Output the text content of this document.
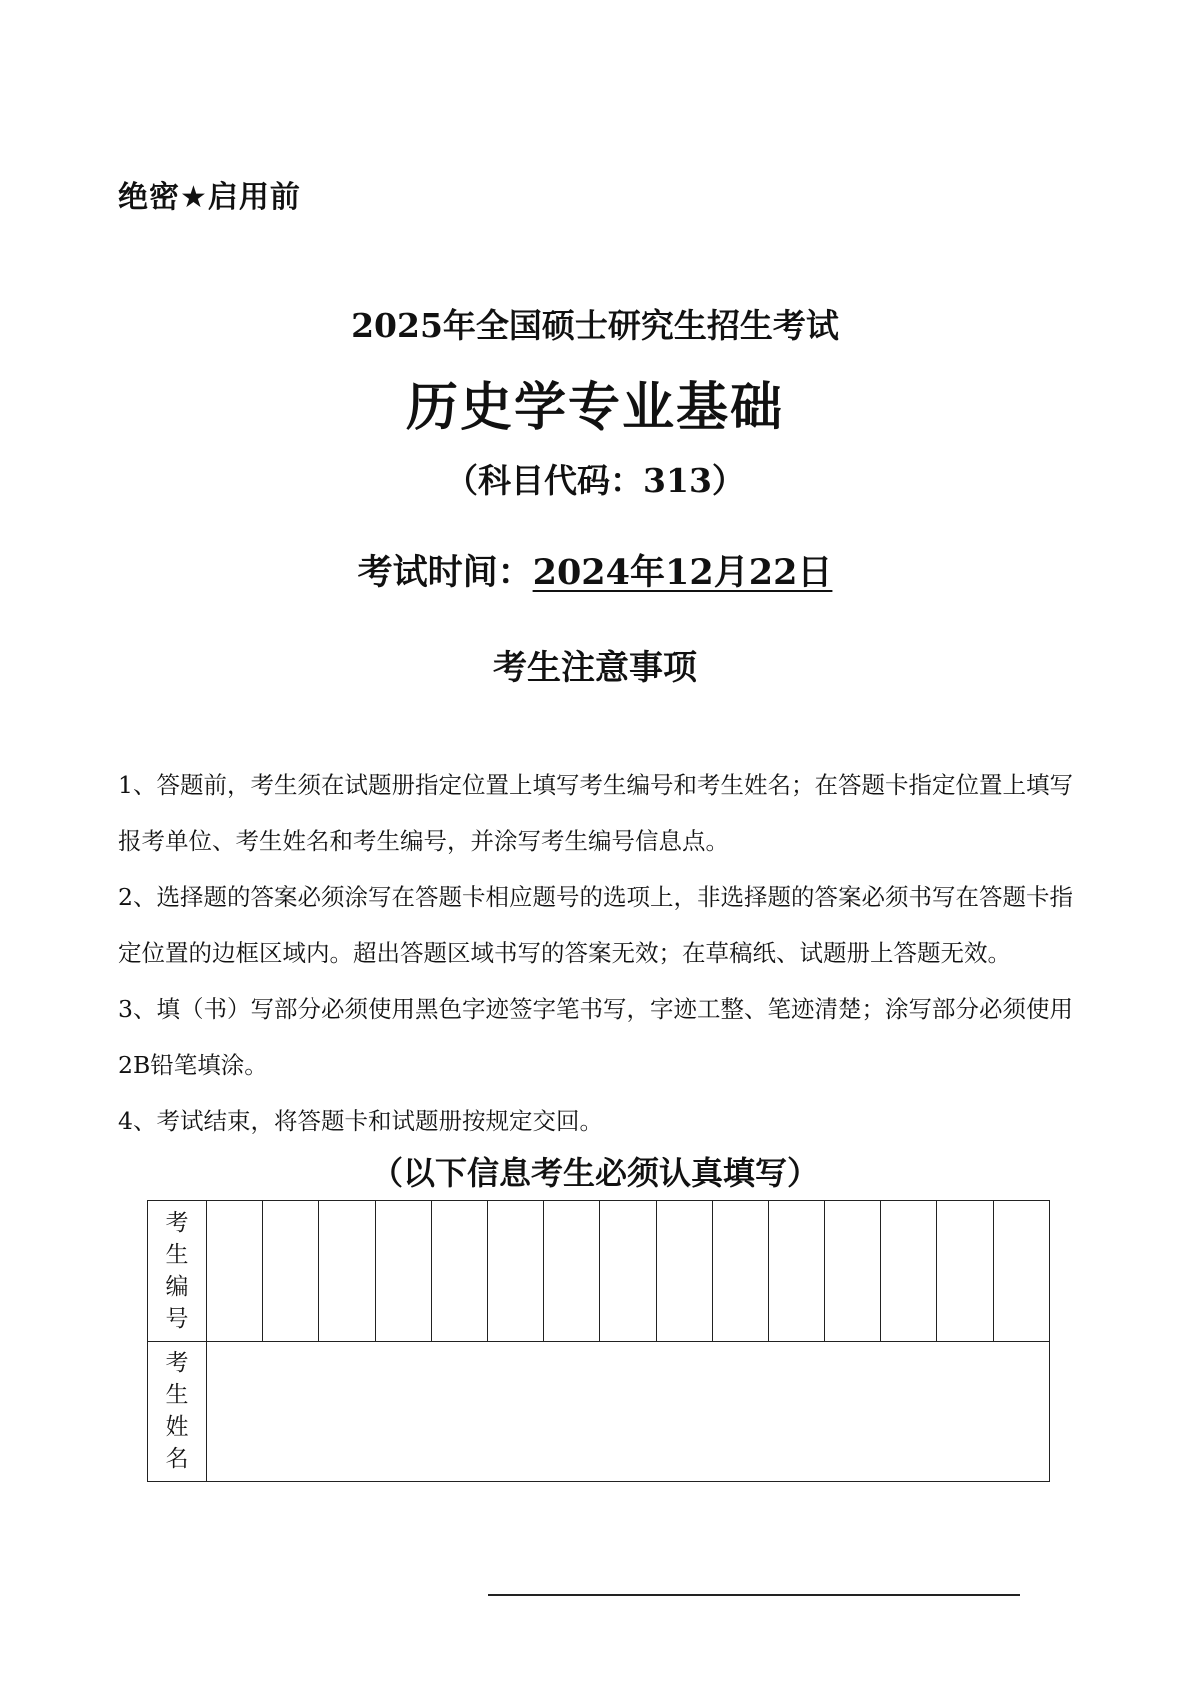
绝密★启用前
2025年全国硕士研究生招生考试
历史学专业基础
（科目代码：313）
考试时间：2024年12月22日
考生注意事项

1、答题前，考生须在试题册指定位置上填写考生编号和考生姓名；在答题卡指定位置上填写报考单位、考生姓名和考生编号，并涂写考生编号信息点。

2、选择题的答案必须涂写在答题卡相应题号的选项上，非选择题的答案必须书写在答题卡指定位置的边框区域内。超出答题区域书写的答案无效；在草稿纸、试题册上答题无效。

3、填（书）写部分必须使用黑色字迹签字笔书写，字迹工整、笔迹清楚；涂写部分必须使用2B铅笔填涂。

4、考试结束，将答题卡和试题册按规定交回。

（以下信息考生必须认真填写）
考
生
编
号															

考
生
姓
名															
